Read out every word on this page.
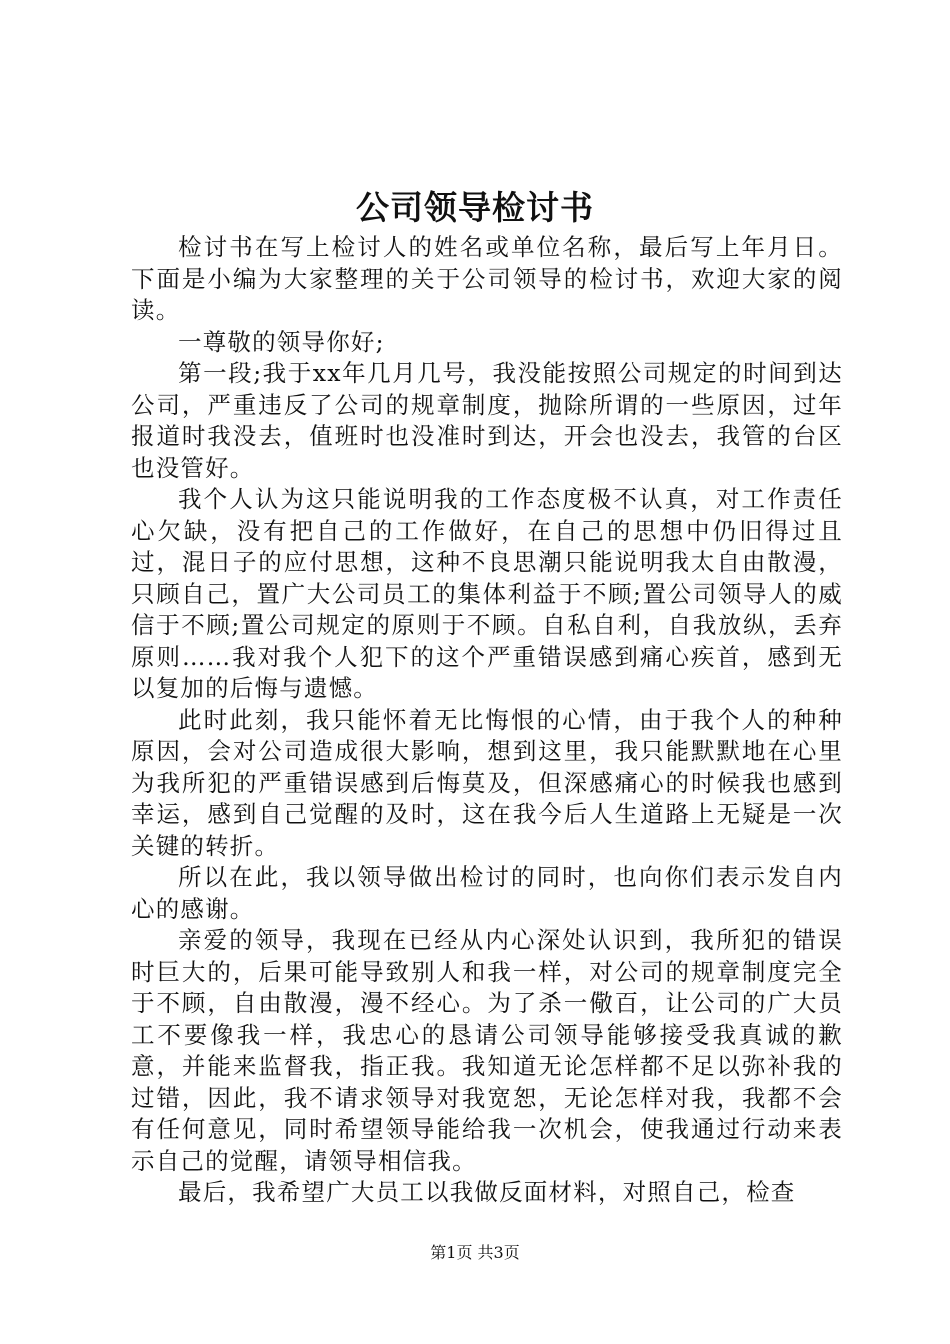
公司领导检讨书

检讨书在写上检讨人的姓名或单位名称，最后写上年月日。下面是小编为大家整理的关于公司领导的检讨书，欢迎大家的阅读。

一尊敬的领导你好;

第一段;我于xx年几月几号，我没能按照公司规定的时间到达公司，严重违反了公司的规章制度，抛除所谓的一些原因，过年报道时我没去，值班时也没准时到达，开会也没去，我管的台区也没管好。

我个人认为这只能说明我的工作态度极不认真，对工作责任心欠缺，没有把自己的工作做好，在自己的思想中仍旧得过且过，混日子的应付思想，这种不良思潮只能说明我太自由散漫，只顾自己，置广大公司员工的集体利益于不顾;置公司领导人的威信于不顾;置公司规定的原则于不顾。自私自利，自我放纵，丢弃原则……我对我个人犯下的这个严重错误感到痛心疾首，感到无以复加的后悔与遗憾。

此时此刻，我只能怀着无比悔恨的心情，由于我个人的种种原因，会对公司造成很大影响，想到这里，我只能默默地在心里为我所犯的严重错误感到后悔莫及，但深感痛心的时候我也感到幸运，感到自己觉醒的及时，这在我今后人生道路上无疑是一次关键的转折。

所以在此，我以领导做出检讨的同时，也向你们表示发自内心的感谢。

亲爱的领导，我现在已经从内心深处认识到，我所犯的错误时巨大的，后果可能导致别人和我一样，对公司的规章制度完全于不顾，自由散漫，漫不经心。为了杀一儆百，让公司的广大员工不要像我一样，我忠心的恳请公司领导能够接受我真诚的歉意，并能来监督我，指正我。我知道无论怎样都不足以弥补我的过错，因此，我不请求领导对我宽恕，无论怎样对我，我都不会有任何意见，同时希望领导能给我一次机会，使我通过行动来表示自己的觉醒，请领导相信我。

最后，我希望广大员工以我做反面材料，对照自己，检查

第1页 共3页
